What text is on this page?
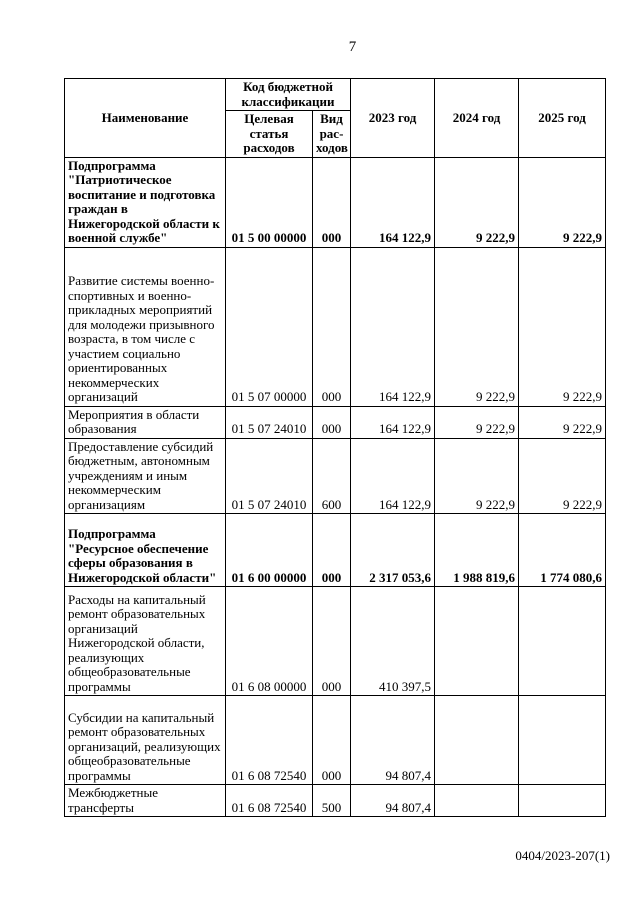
7
Наименование	Код бюджетной классификации		2023 год	2024 год	2025 год
	Целевая статья расходов	Вид рас-ходов			
Подпрограмма "Патриотическое воспитание и подготовка граждан в Нижегородской области к военной службе"	01 5 00 00000	000	164 122,9	9 222,9	9 222,9
Развитие системы военно-спортивных и военно-прикладных мероприятий для молодежи призывного возраста, в том числе с участием социально ориентированных некоммерческих организаций	01 5 07 00000	000	164 122,9	9 222,9	9 222,9
Мероприятия в области образования	01 5 07 24010	000	164 122,9	9 222,9	9 222,9
Предоставление субсидий бюджетным, автономным учреждениям и иным некоммерческим организациям	01 5 07 24010	600	164 122,9	9 222,9	9 222,9
Подпрограмма "Ресурсное обеспечение сферы образования в Нижегородской области"	01 6 00 00000	000	2 317 053,6	1 988 819,6	1 774 080,6
Расходы на капитальный ремонт образовательных организаций Нижегородской области, реализующих общеобразовательные программы	01 6 08 00000	000	410 397,5		
Субсидии на капитальный ремонт образовательных организаций, реализующих общеобразовательные программы	01 6 08 72540	000	94 807,4		
Межбюджетные трансферты	01 6 08 72540	500	94 807,4		
0404/2023-207(1)
